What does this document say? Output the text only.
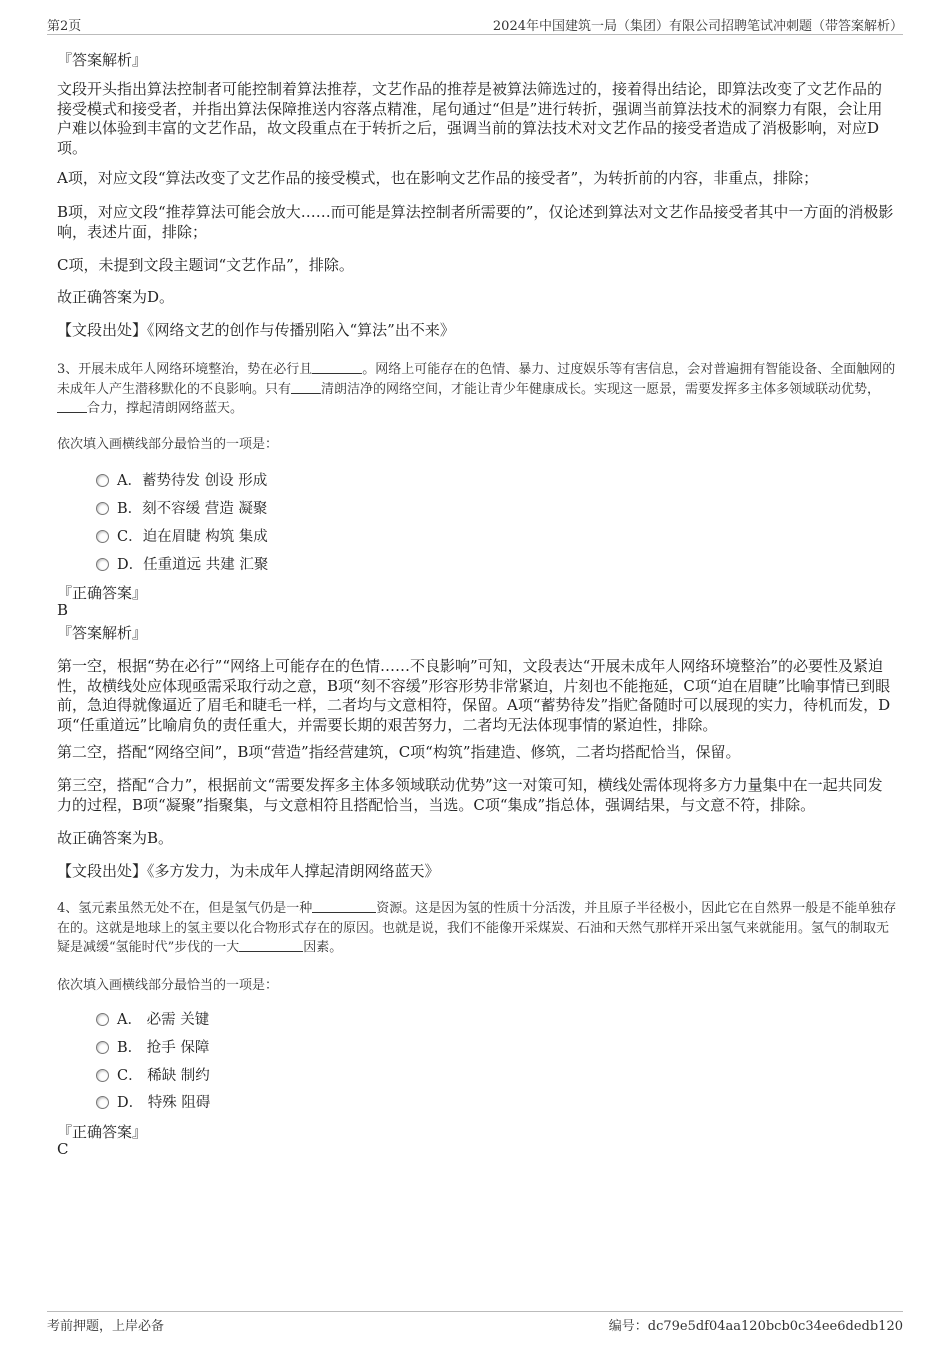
第2页	2024年中国建筑一局（集团）有限公司招聘笔试冲刺题（带答案解析）
『答案解析』
文段开头指出算法控制者可能控制着算法推荐，文艺作品的推荐是被算法筛选过的，接着得出结论，即算法改变了文艺作品的接受模式和接受者，并指出算法保障推送内容落点精准，尾句通过“但是”进行转折，强调当前算法技术的洞察力有限，会让用户难以体验到丰富的文艺作品，故文段重点在于转折之后，强调当前的算法技术对文艺作品的接受者造成了消极影响，对应D项。
A项，对应文段“算法改变了文艺作品的接受模式，也在影响文艺作品的接受者”，为转折前的内容，非重点，排除；
B项，对应文段“推荐算法可能会放大……而可能是算法控制者所需要的”，仅论述到算法对文艺作品接受者其中一方面的消极影响，表述片面，排除；
C项，未提到文段主题词“文艺作品”，排除。
故正确答案为D。
【文段出处】《网络文艺的创作与传播别陷入“算法”出不来》
3、开展未成年人网络环境整治，势在必行且	。网络上可能存在的色情、暴力、过度娱乐等有害信息，会对普遍拥有智能设备、全面触网的未成年人产生潜移默化的不良影响。只有 清朗洁净的网络空间，才能让青少年健康成长。实现这一愿景，需要发挥多主体多领域联动优势，合力，撑起清朗网络蓝天。
依次填入画横线部分最恰当的一项是：
A．蓄势待发 创设 形成
B．刻不容缓 营造 凝聚
C．迫在眉睫 构筑 集成
D．任重道远 共建 汇聚
『正确答案』
B
『答案解析』
第一空，根据“势在必行”“网络上可能存在的色情……不良影响”可知，文段表达“开展未成年人网络环境整治”的必要性及紧迫性，故横线处应体现亟需采取行动之意，B项“刻不容缓”形容形势非常紧迫，片刻也不能拖延，C项“迫在眉睫”比喻事情已到眼前，急迫得就像逼近了眉毛和睫毛一样，二者均与文意相符，保留。A项“蓄势待发”指贮备随时可以展现的实力，待机而发，D项“任重道远”比喻肩负的责任重大，并需要长期的艰苦努力，二者均无法体现事情的紧迫性，排除。
第二空，搭配“网络空间”，B项“营造”指经营建筑，C项“构筑”指建造、修筑，二者均搭配恰当，保留。
第三空，搭配“合力”，根据前文“需要发挥多主体多领域联动优势”这一对策可知，横线处需体现将多方力量集中在一起共同发力的过程，B项“凝聚”指聚集，与文意相符且搭配恰当，当选。C项“集成”指总体，强调结果，与文意不符，排除。
故正确答案为B。
【文段出处】《多方发力，为未成年人撑起清朗网络蓝天》
4、氢元素虽然无处不在，但是氢气仍是一种	资源。这是因为氢的性质十分活泼，并且原子半径极小，因此它在自然界一般是不能单独存在的。这就是地球上的氢主要以化合物形式存在的原因。也就是说，我们不能像开采煤炭、石油和天然气那样开采出氢气来就能用。氢气的制取无疑是减缓“氢能时代”步伐的一大	因素。
依次填入画横线部分最恰当的一项是：
A． 必需 关键
B． 抢手 保障
C． 稀缺 制约
D． 特殊 阻碍
『正确答案』
C
考前押题，上岸必备	编号：dc79e5df04aa120bcb0c34ee6dedb120
